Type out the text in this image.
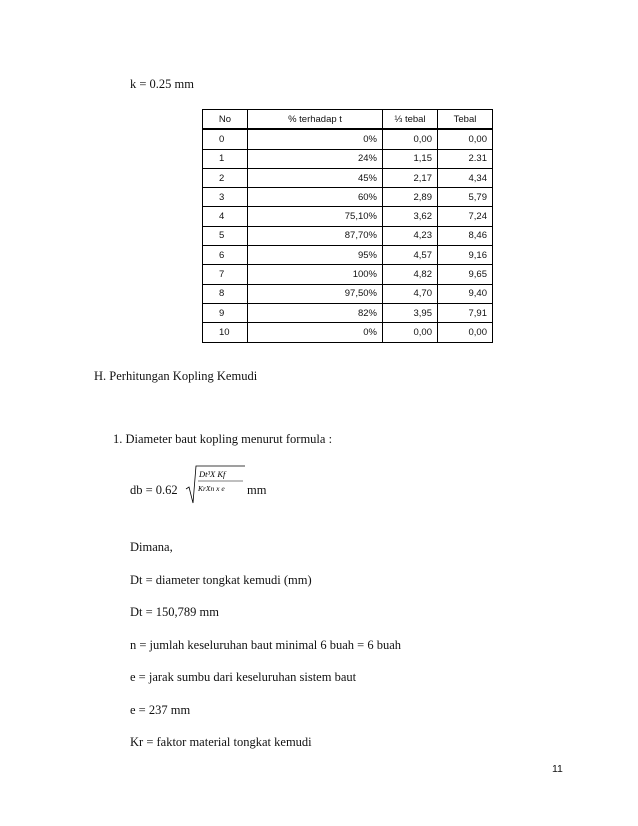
k = 0.25 mm
No	% terhadap t	⅓ tebal	Tebal
0	0%	0,00	0,00
1	24%	1,15	2.31
2	45%	2,17	4,34
3	60%	2,89	5,79
4	75,10%	3,62	7,24
5	87,70%	4,23	8,46
6	95%	4,57	9,16
7	100%	4,82	9,65
8	97,50%	4,70	9,40
9	82%	3,95	7,91
10	0%	0,00	0,00
H. Perhitungan Kopling Kemudi
1. Diameter baut kopling menurut formula :
db = 0.62
Dt³X Kf
KrXn x e mm
Dimana,
Dt = diameter tongkat kemudi (mm)
Dt = 150,789 mm
n = jumlah keseluruhan baut minimal 6 buah = 6 buah
e = jarak sumbu dari keseluruhan sistem baut
e = 237 mm
Kr = faktor material tongkat kemudi
11
